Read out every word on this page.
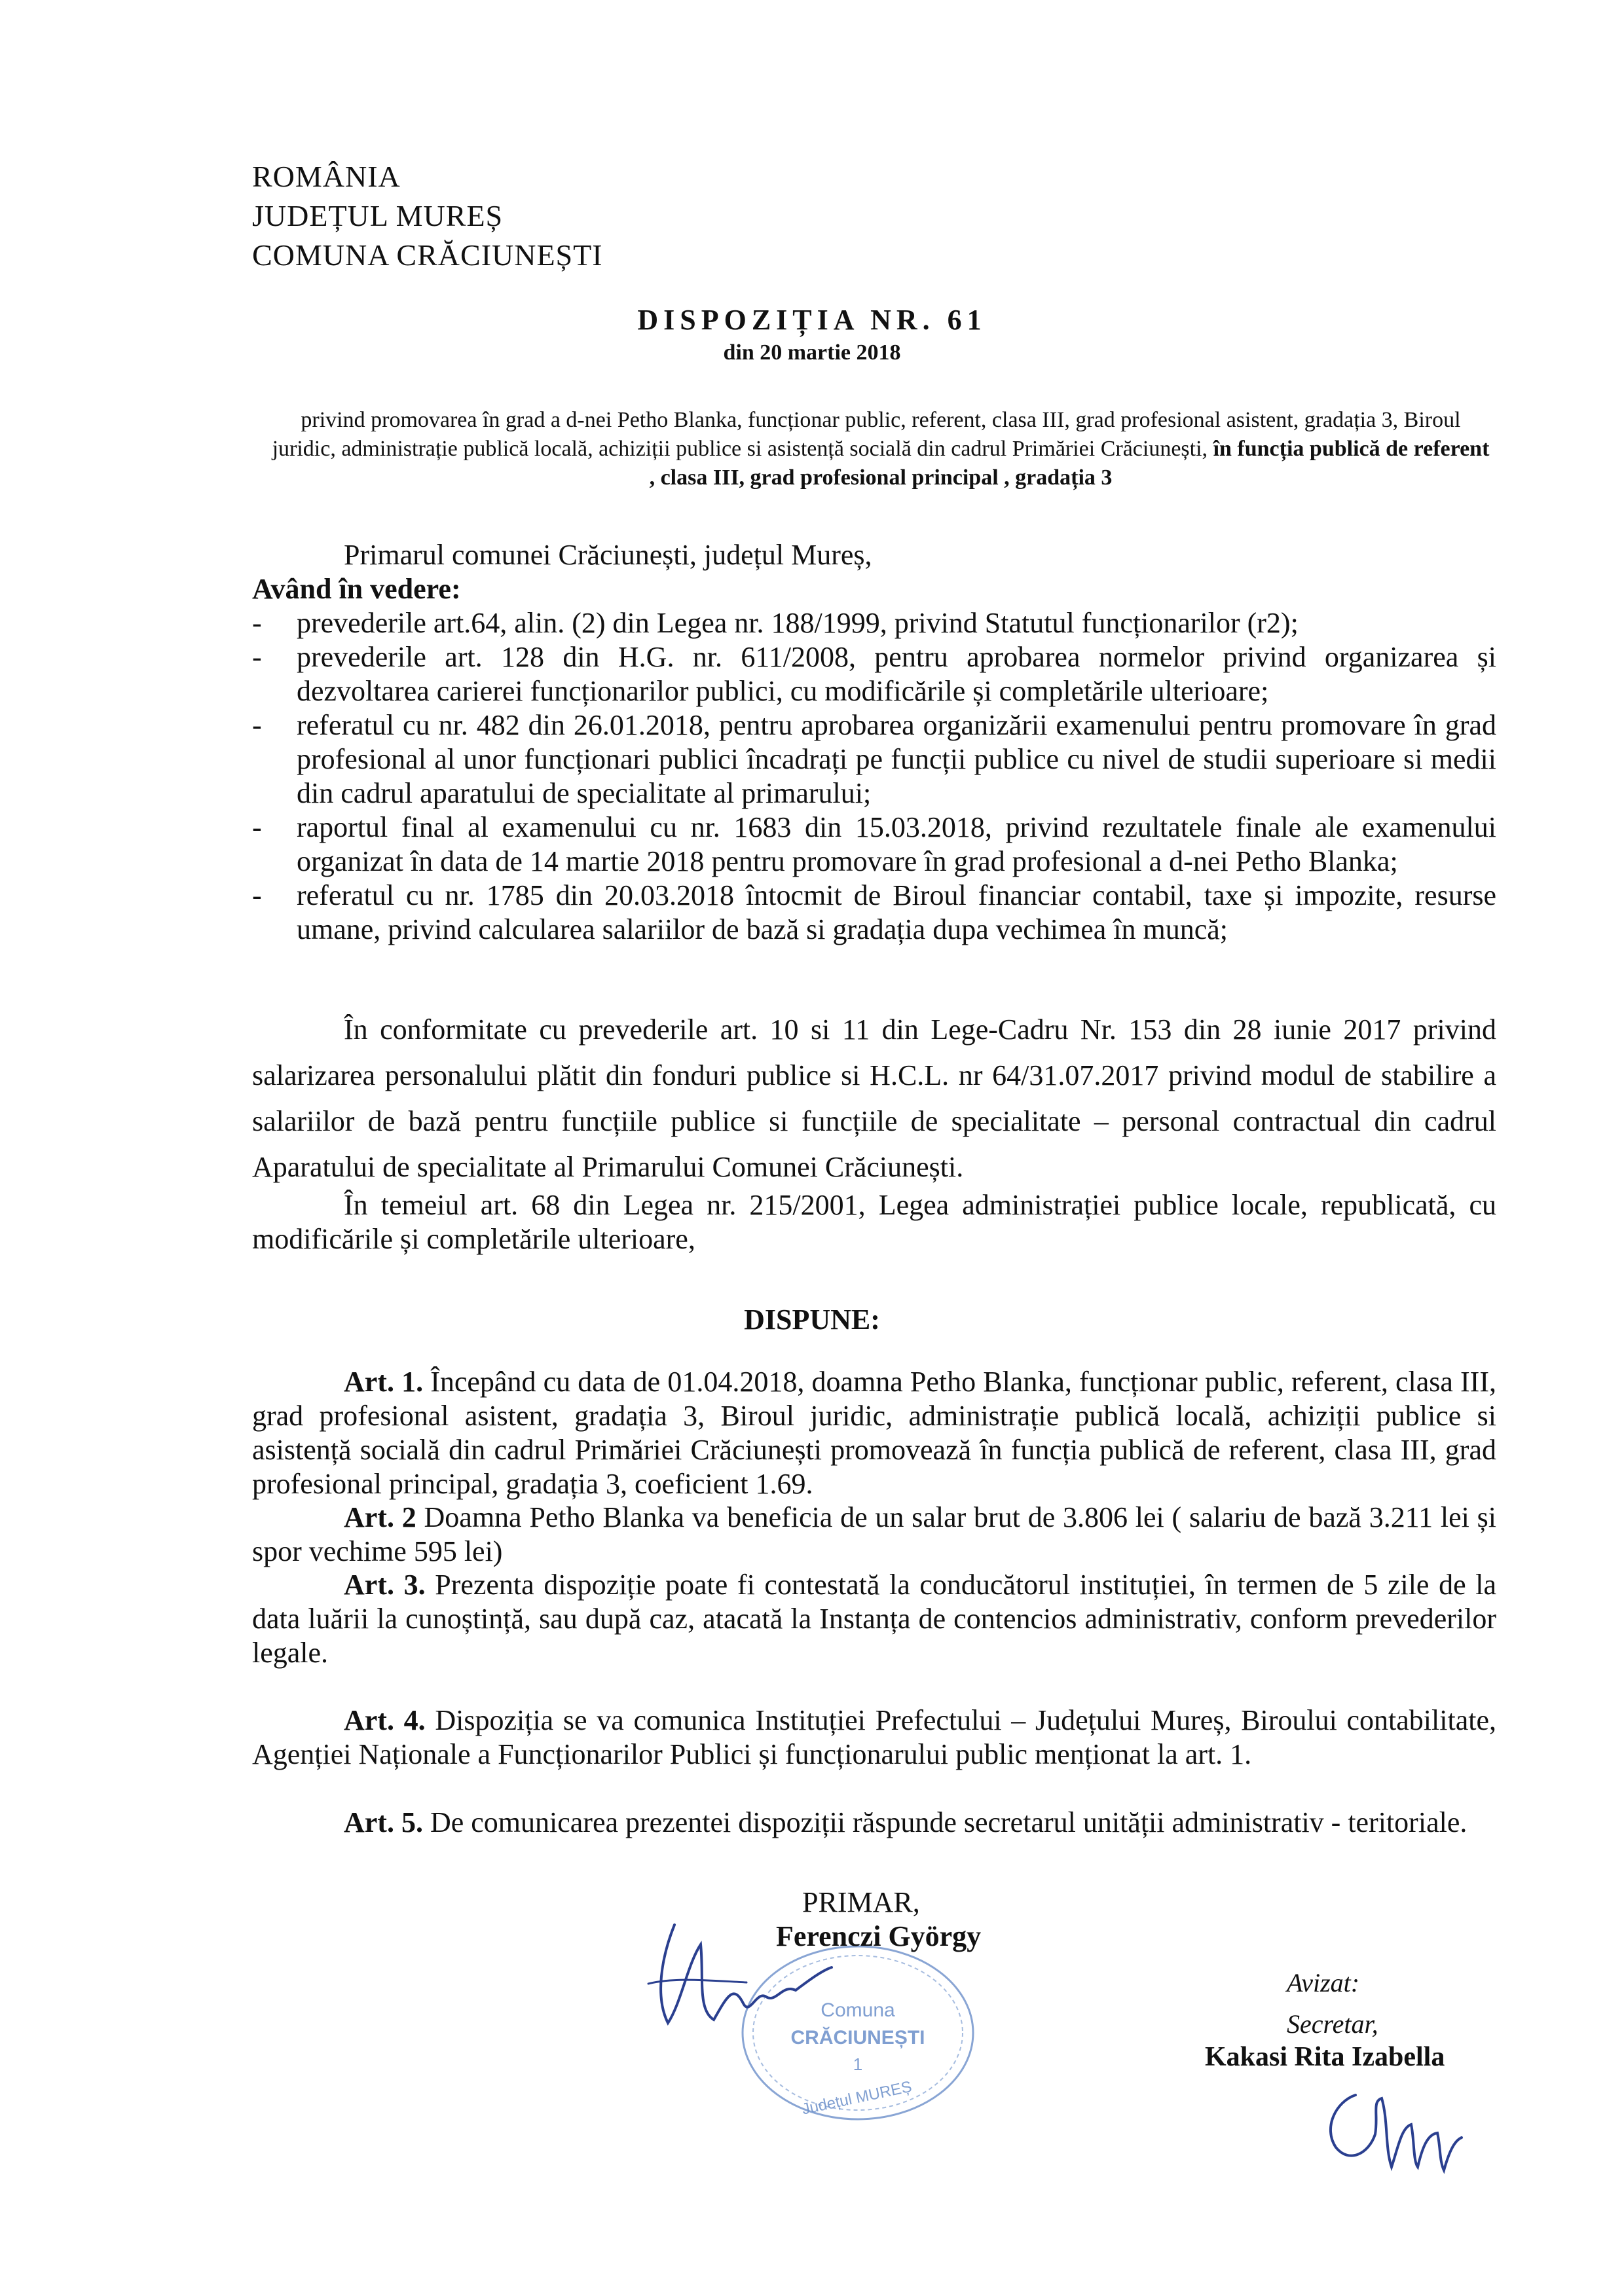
ROMÂNIA
JUDEȚUL MUREȘ
COMUNA CRĂCIUNEȘTI
DISPOZIȚIA NR. 61
din 20 martie 2018
privind promovarea în grad a d-nei Petho Blanka, funcționar public, referent, clasa III, grad profesional asistent, gradația 3, Biroul juridic, administrație publică locală, achiziții publice si asistență socială din cadrul Primăriei Crăciunești, în funcția publică de referent , clasa III, grad profesional principal , gradația 3
Primarul comunei Crăciunești, județul Mureș,
Având în vedere:
- prevederile art.64, alin. (2) din Legea nr. 188/1999, privind Statutul funcționarilor (r2);
- prevederile art. 128 din H.G. nr. 611/2008, pentru aprobarea normelor privind organizarea și dezvoltarea carierei funcționarilor publici, cu modificările și completările ulterioare;
- referatul cu nr. 482 din 26.01.2018, pentru aprobarea organizării examenului pentru promovare în grad profesional al unor funcționari publici încadrați pe funcții publice cu nivel de studii superioare si medii din cadrul aparatului de specialitate al primarului;
- raportul final al examenului cu nr. 1683 din 15.03.2018, privind rezultatele finale ale examenului organizat în data de 14 martie 2018 pentru promovare în grad profesional a d-nei Petho Blanka;
- referatul cu nr. 1785 din 20.03.2018 întocmit de Biroul financiar contabil, taxe și impozite, resurse umane, privind calcularea salariilor de bază si gradația dupa vechimea în muncă;
În conformitate cu prevederile art. 10 si 11 din Lege-Cadru Nr. 153 din 28 iunie 2017 privind salarizarea personalului plătit din fonduri publice si H.C.L. nr 64/31.07.2017 privind modul de stabilire a salariilor de bază pentru funcțiile publice si funcțiile de specialitate – personal contractual din cadrul Aparatului de specialitate al Primarului Comunei Crăciunești.
În temeiul art. 68 din Legea nr. 215/2001, Legea administrației publice locale, republicată, cu modificările și completările ulterioare,
DISPUNE:
Art. 1. Începând cu data de 01.04.2018, doamna Petho Blanka, funcționar public, referent, clasa III, grad profesional asistent, gradația 3, Biroul juridic, administrație publică locală, achiziții publice si asistență socială din cadrul Primăriei Crăciunești promovează în funcția publică de referent, clasa III, grad profesional principal, gradația 3, coeficient 1.69.
Art. 2 Doamna Petho Blanka va beneficia de un salar brut de 3.806 lei ( salariu de bază 3.211 lei și spor vechime 595 lei)
Art. 3. Prezenta dispoziție poate fi contestată la conducătorul instituției, în termen de 5 zile de la data luării la cunoștință, sau după caz, atacată la Instanța de contencios administrativ, conform prevederilor legale.
Art. 4. Dispoziția se va comunica Instituției Prefectului – Județului Mureș, Biroului contabilitate, Agenției Naționale a Funcționarilor Publici și funcționarului public menționat la art. 1.
Art. 5. De comunicarea prezentei dispoziții răspunde secretarul unității administrativ - teritoriale.
Comuna
CRĂCIUNEȘTI
1
Județul MUREȘ
PRIMAR,
Ferenczi György
Avizat:
Secretar,
Kakasi Rita Izabella
